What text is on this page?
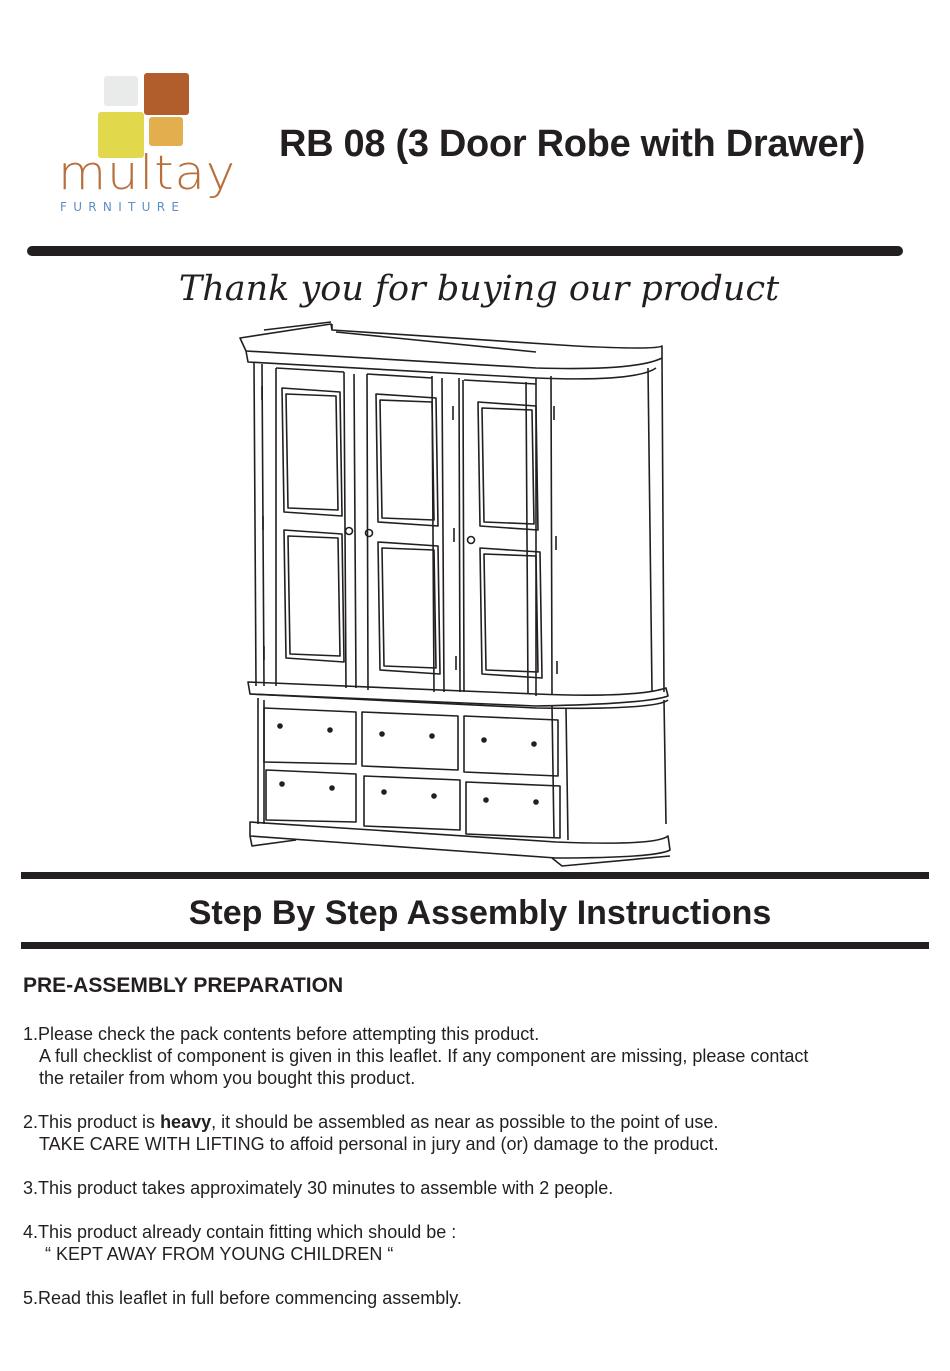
multay
FURNITURE
RB 08 (3 Door Robe with Drawer)
Thank you for buying our product
Step By Step Assembly Instructions
PRE-ASSEMBLY PREPARATION
1.Please check the pack contents before attempting this product.
A full checklist of component is given in this leaflet. If any component are missing, please contact
the retailer from whom you bought this product.
2.This product is heavy, it should be assembled as near as possible to the point of use.
TAKE CARE WITH LIFTING to affoid personal in jury and (or) damage to the product.
3.This product takes approximately 30 minutes to assemble with 2 people.
4.This product already contain fitting which should be :
“ KEPT AWAY FROM YOUNG CHILDREN “
5.Read this leaflet in full before commencing assembly.
